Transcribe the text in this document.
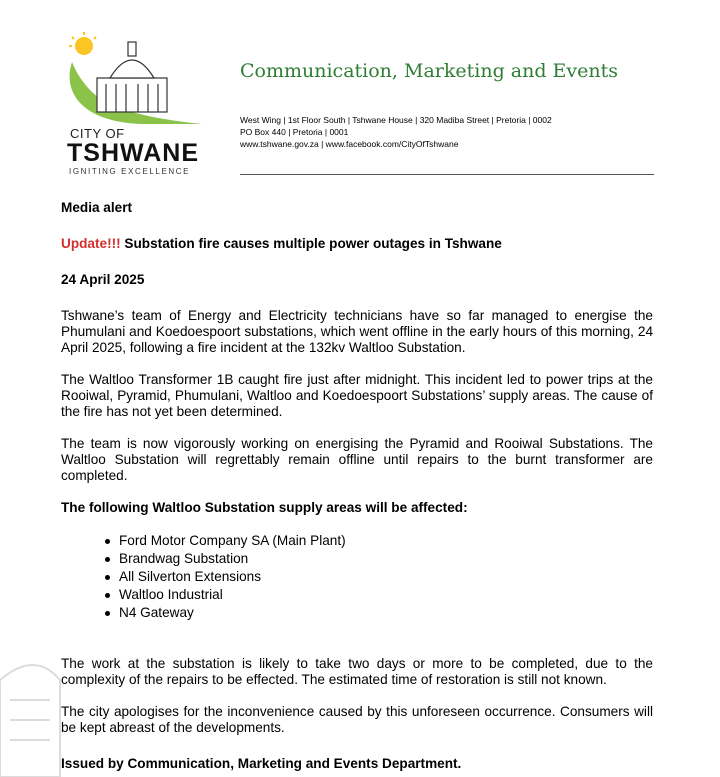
CITY OF
TSHWANE
IGNITING EXCELLENCE
Communication, Marketing and Events
West Wing | 1st Floor South | Tshwane House | 320 Madiba Street | Pretoria | 0002
PO Box 440 | Pretoria | 0001
www.tshwane.gov.za | www.facebook.com/CityOfTshwane

Media alert

Update!!! Substation fire causes multiple power outages in Tshwane

24 April 2025

Tshwane’s team of Energy and Electricity technicians have so far managed to energise the Phumulani and Koedoespoort substations, which went offline in the early hours of this morning, 24 April 2025, following a fire incident at the 132kv Waltloo Substation.

The Waltloo Transformer 1B caught fire just after midnight. This incident led to power trips at the Rooiwal, Pyramid, Phumulani, Waltloo and Koedoespoort Substations’ supply areas. The cause of the fire has not yet been determined.

The team is now vigorously working on energising the Pyramid and Rooiwal Substations. The Waltloo Substation will regrettably remain offline until repairs to the burnt transformer are completed.

The following Waltloo Substation supply areas will be affected:

Ford Motor Company SA (Main Plant)
Brandwag Substation
All Silverton Extensions
Waltloo Industrial
N4 Gateway

The work at the substation is likely to take two days or more to be completed, due to the complexity of the repairs to be effected. The estimated time of restoration is still not known.

The city apologises for the inconvenience caused by this unforeseen occurrence. Consumers will be kept abreast of the developments.

Issued by Communication, Marketing and Events Department.
